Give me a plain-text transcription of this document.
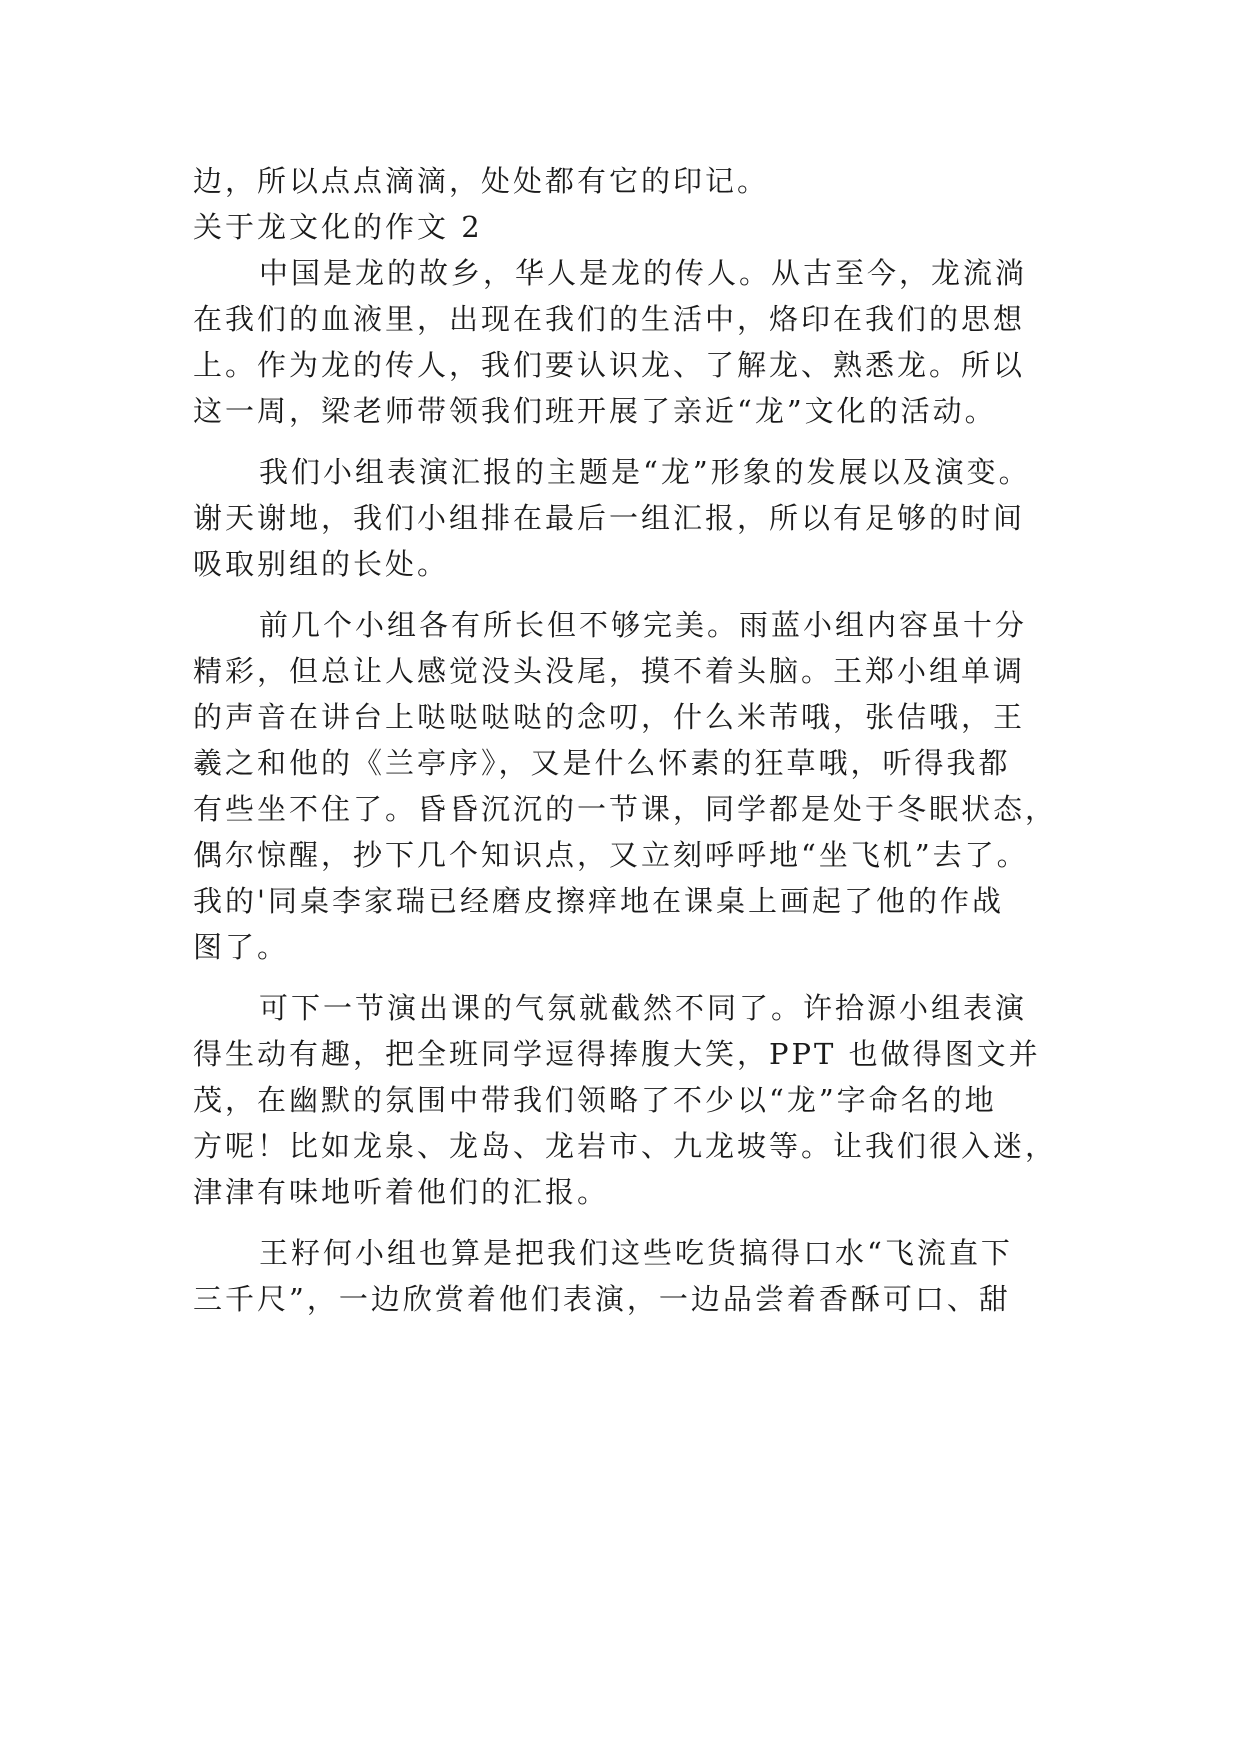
边，所以点点滴滴，处处都有它的印记。
关于龙文化的作文 2
中国是龙的故乡，华人是龙的传人。从古至今，龙流淌
在我们的血液里，出现在我们的生活中，烙印在我们的思想
上。作为龙的传人，我们要认识龙、了解龙、熟悉龙。所以
这一周，梁老师带领我们班开展了亲近“龙”文化的活动。
我们小组表演汇报的主题是“龙”形象的发展以及演变。
谢天谢地，我们小组排在最后一组汇报，所以有足够的时间
吸取别组的长处。
前几个小组各有所长但不够完美。雨蓝小组内容虽十分
精彩，但总让人感觉没头没尾，摸不着头脑。王郑小组单调
的声音在讲台上哒哒哒哒的念叨，什么米芾哦，张佶哦，王
羲之和他的《兰亭序》，又是什么怀素的狂草哦，听得我都
有些坐不住了。昏昏沉沉的一节课，同学都是处于冬眠状态，
偶尔惊醒，抄下几个知识点，又立刻呼呼地“坐飞机”去了。
我的'同桌李家瑞已经磨皮擦痒地在课桌上画起了他的作战
图了。
可下一节演出课的气氛就截然不同了。许拾源小组表演
得生动有趣，把全班同学逗得捧腹大笑，PPT 也做得图文并
茂，在幽默的氛围中带我们领略了不少以“龙”字命名的地
方呢！比如龙泉、龙岛、龙岩市、九龙坡等。让我们很入迷，
津津有味地听着他们的汇报。
王籽何小组也算是把我们这些吃货搞得口水“飞流直下
三千尺”，一边欣赏着他们表演，一边品尝着香酥可口、甜
